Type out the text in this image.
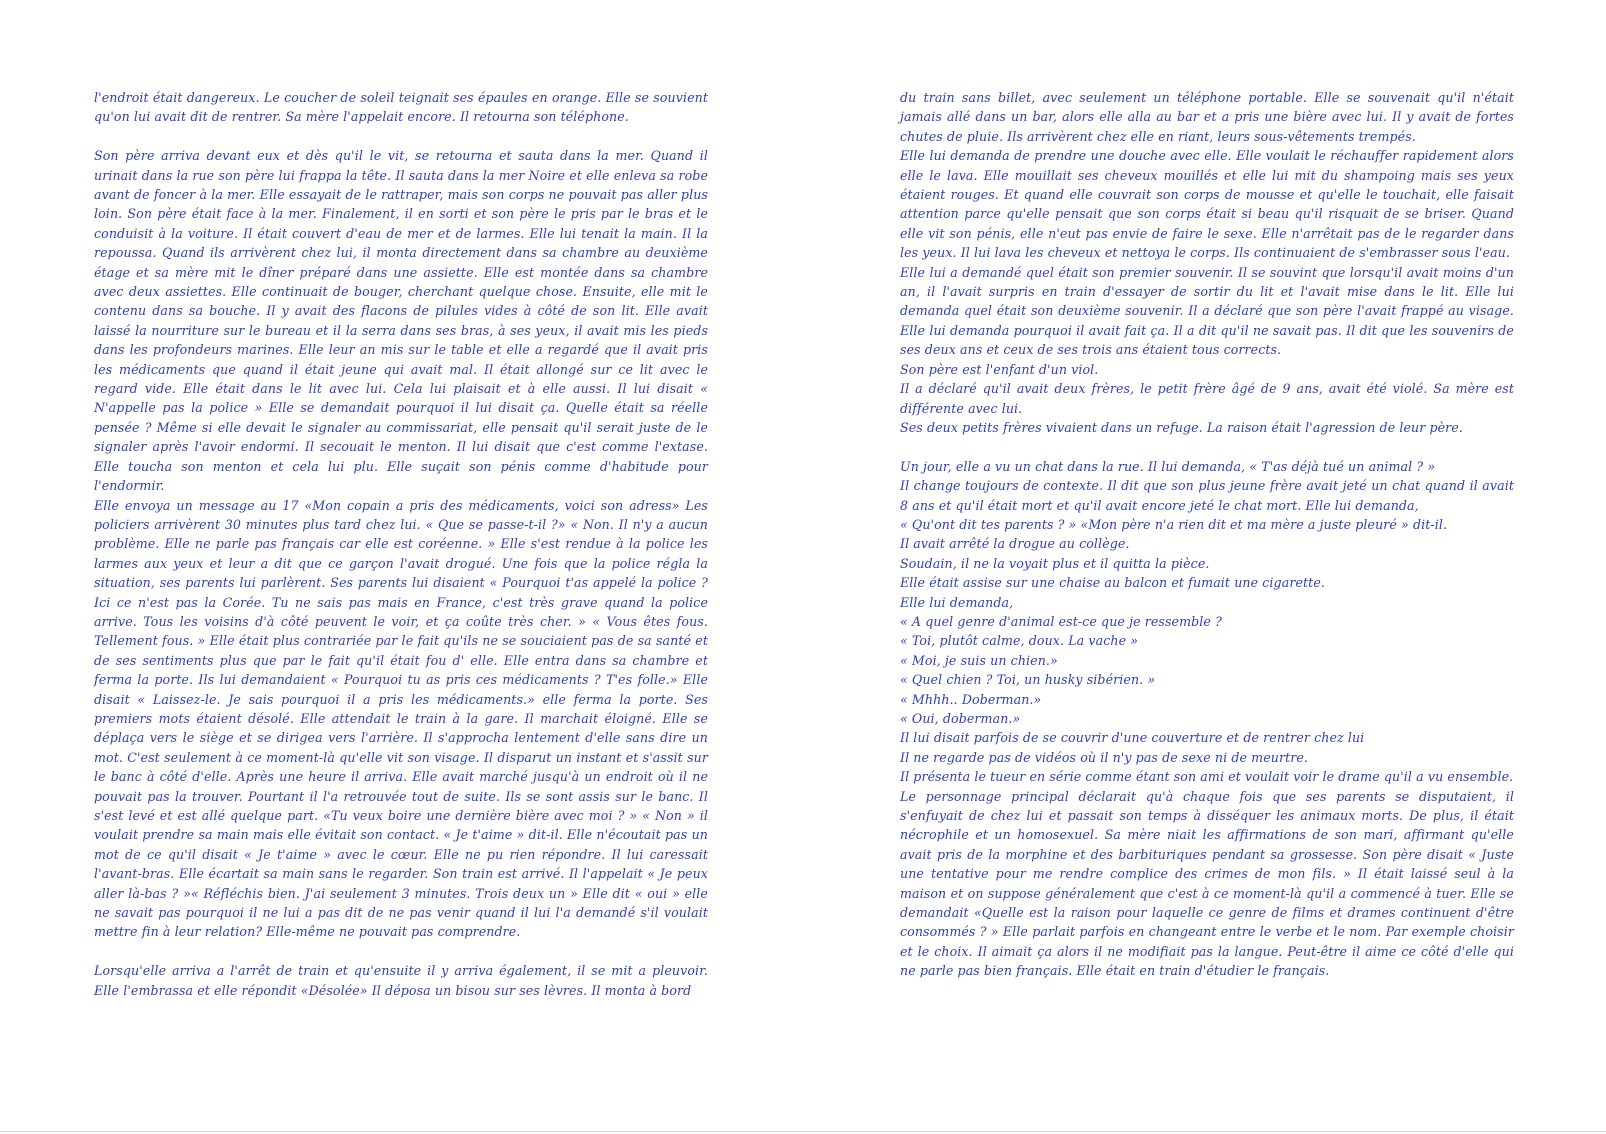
l'endroit était dangereux. Le coucher de soleil teignait ses épaules en orange. Elle se souvient qu'on lui avait dit de rentrer. Sa mère l'appelait encore. Il retourna son téléphone.

Son père arriva devant eux et dès qu'il le vit, se retourna et sauta dans la mer. Quand il urinait dans la rue son père lui frappa la tête. Il sauta dans la mer Noire et elle enleva sa robe avant de foncer à la mer. Elle essayait de le rattraper, mais son corps ne pouvait pas aller plus loin. Son père était face à la mer. Finalement, il en sorti et son père le pris par le bras et le conduisit à la voiture. Il était couvert d'eau de mer et de larmes. Elle lui tenait la main. Il la repoussa. Quand ils arrivèrent chez lui, il monta directement dans sa chambre au deuxième étage et sa mère mit le dîner préparé dans une assiette. Elle est montée dans sa chambre avec deux assiettes. Elle continuait de bouger, cherchant quelque chose. Ensuite, elle mit le contenu dans sa bouche. Il y avait des flacons de pilules vides à côté de son lit. Elle avait laissé la nourriture sur le bureau et il la serra dans ses bras, à ses yeux, il avait mis les pieds dans les profondeurs marines. Elle leur an mis sur le table et elle a regardé que il avait pris les médicaments que quand il était jeune qui avait mal. Il était allongé sur ce lit avec le regard vide. Elle était dans le lit avec lui. Cela lui plaisait et à elle aussi. Il lui disait « N'appelle pas la police » Elle se demandait pourquoi il lui disait ça. Quelle était sa réelle pensée ? Même si elle devait le signaler au commissariat, elle pensait qu'il serait juste de le signaler après l'avoir endormi. Il secouait le menton. Il lui disait que c'est comme l'extase. Elle toucha son menton et cela lui plu. Elle suçait son pénis comme d'habitude pour l'endormir.

Elle envoya un message au 17 «Mon copain a pris des médicaments, voici son adress» Les policiers arrivèrent 30 minutes plus tard chez lui. « Que se passe-t-il ?» « Non. Il n'y a aucun problème. Elle ne parle pas français car elle est coréenne. » Elle s'est rendue à la police les larmes aux yeux et leur a dit que ce garçon l'avait drogué. Une fois que la police régla la situation, ses parents lui parlèrent. Ses parents lui disaient « Pourquoi t'as appelé la police ? Ici ce n'est pas la Corée. Tu ne sais pas mais en France, c'est très grave quand la police arrive. Tous les voisins d'à côté peuvent le voir, et ça coûte très cher. » « Vous êtes fous. Tellement fous. » Elle était plus contrariée par le fait qu'ils ne se souciaient pas de sa santé et de ses sentiments plus que par le fait qu'il était fou d' elle. Elle entra dans sa chambre et ferma la porte. Ils lui demandaient « Pourquoi tu as pris ces médicaments ? T'es folle.» Elle disait « Laissez-le. Je sais pourquoi il a pris les médicaments.» elle ferma la porte. Ses premiers mots étaient désolé. Elle attendait le train à la gare. Il marchait éloigné. Elle se déplaça vers le siège et se dirigea vers l'arrière. Il s'approcha lentement d'elle sans dire un mot. C'est seulement à ce moment-là qu'elle vit son visage. Il disparut un instant et s'assit sur le banc à côté d'elle. Après une heure il arriva. Elle avait marché jusqu'à un endroit où il ne pouvait pas la trouver. Pourtant il l'a retrouvée tout de suite. Ils se sont assis sur le banc. Il s'est levé et est allé quelque part. «Tu veux boire une dernière bière avec moi ? » « Non » il voulait prendre sa main mais elle évitait son contact. « Je t'aime » dit-il. Elle n'écoutait pas un mot de ce qu'il disait « Je t'aime » avec le cœur. Elle ne pu rien répondre. Il lui caressait l'avant-bras. Elle écartait sa main sans le regarder. Son train est arrivé. Il l'appelait « Je peux aller là-bas ? »« Réfléchis bien. J'ai seulement 3 minutes. Trois deux un » Elle dit « oui » elle ne savait pas pourquoi il ne lui a pas dit de ne pas venir quand il lui l'a demandé s'il voulait mettre fin à leur relation? Elle-même ne pouvait pas comprendre.

Lorsqu'elle arriva a l'arrêt de train et qu'ensuite il y arriva également, il se mit a pleuvoir. Elle l'embrassa et elle répondit «Désolée» Il déposa un bisou sur ses lèvres. Il monta à bord

du train sans billet, avec seulement un téléphone portable. Elle se souvenait qu'il n'était jamais allé dans un bar, alors elle alla au bar et a pris une bière avec lui. Il y avait de fortes chutes de pluie. Ils arrivèrent chez elle en riant, leurs sous-vêtements trempés.

Elle lui demanda de prendre une douche avec elle. Elle voulait le réchauffer rapidement alors elle le lava. Elle mouillait ses cheveux mouillés et elle lui mit du shampoing mais ses yeux étaient rouges. Et quand elle couvrait son corps de mousse et qu'elle le touchait, elle faisait attention parce qu'elle pensait que son corps était si beau qu'il risquait de se briser. Quand elle vit son pénis, elle n'eut pas envie de faire le sexe. Elle n'arrêtait pas de le regarder dans les yeux. Il lui lava les cheveux et nettoya le corps. Ils continuaient de s'embrasser sous l'eau.

Elle lui a demandé quel était son premier souvenir. Il se souvint que lorsqu'il avait moins d'un an, il l'avait surpris en train d'essayer de sortir du lit et l'avait mise dans le lit. Elle lui demanda quel était son deuxième souvenir. Il a déclaré que son père l'avait frappé au visage. Elle lui demanda pourquoi il avait fait ça. Il a dit qu'il ne savait pas. Il dit que les souvenirs de ses deux ans et ceux de ses trois ans étaient tous corrects.

Son père est l'enfant d'un viol.

Il a déclaré qu'il avait deux frères, le petit frère âgé de 9 ans, avait été violé. Sa mère est différente avec lui.

Ses deux petits frères vivaient dans un refuge. La raison était l'agression de leur père.

Un jour, elle a vu un chat dans la rue. Il lui demanda, « T'as déjà tué un animal ? »

Il change toujours de contexte. Il dit que son plus jeune frère avait jeté un chat quand il avait 8 ans et qu'il était mort et qu'il avait encore jeté le chat mort. Elle lui demanda,

« Qu'ont dit tes parents ? » «Mon père n'a rien dit et ma mère a juste pleuré » dit-il.

Il avait arrêté la drogue au collège.

Soudain, il ne la voyait plus et il quitta la pièce.

Elle était assise sur une chaise au balcon et fumait une cigarette.

Elle lui demanda,

« A quel genre d'animal est-ce que je ressemble ?

« Toi, plutôt calme, doux. La vache »

« Moi, je suis un chien.»

« Quel chien ? Toi, un husky sibérien. »

« Mhhh.. Doberman.»

« Oui, doberman.»

Il lui disait parfois de se couvrir d'une couverture et de rentrer chez lui

Il ne regarde pas de vidéos où il n'y pas de sexe ni de meurtre.

Il présenta le tueur en série comme étant son ami et voulait voir le drame qu'il a vu ensemble.

Le personnage principal déclarait qu'à chaque fois que ses parents se disputaient, il s'enfuyait de chez lui et passait son temps à disséquer les animaux morts. De plus, il était nécrophile et un homosexuel. Sa mère niait les affirmations de son mari, affirmant qu'elle avait pris de la morphine et des barbituriques pendant sa grossesse. Son père disait « Juste une tentative pour me rendre complice des crimes de mon fils. » Il était laissé seul à la maison et on suppose généralement que c'est à ce moment-là qu'il a commencé à tuer. Elle se demandait «Quelle est la raison pour laquelle ce genre de films et drames continuent d'être consommés ? » Elle parlait parfois en changeant entre le verbe et le nom. Par exemple choisir et le choix. Il aimait ça alors il ne modifiait pas la langue. Peut-être il aime ce côté d'elle qui ne parle pas bien français. Elle était en train d'étudier le français.
